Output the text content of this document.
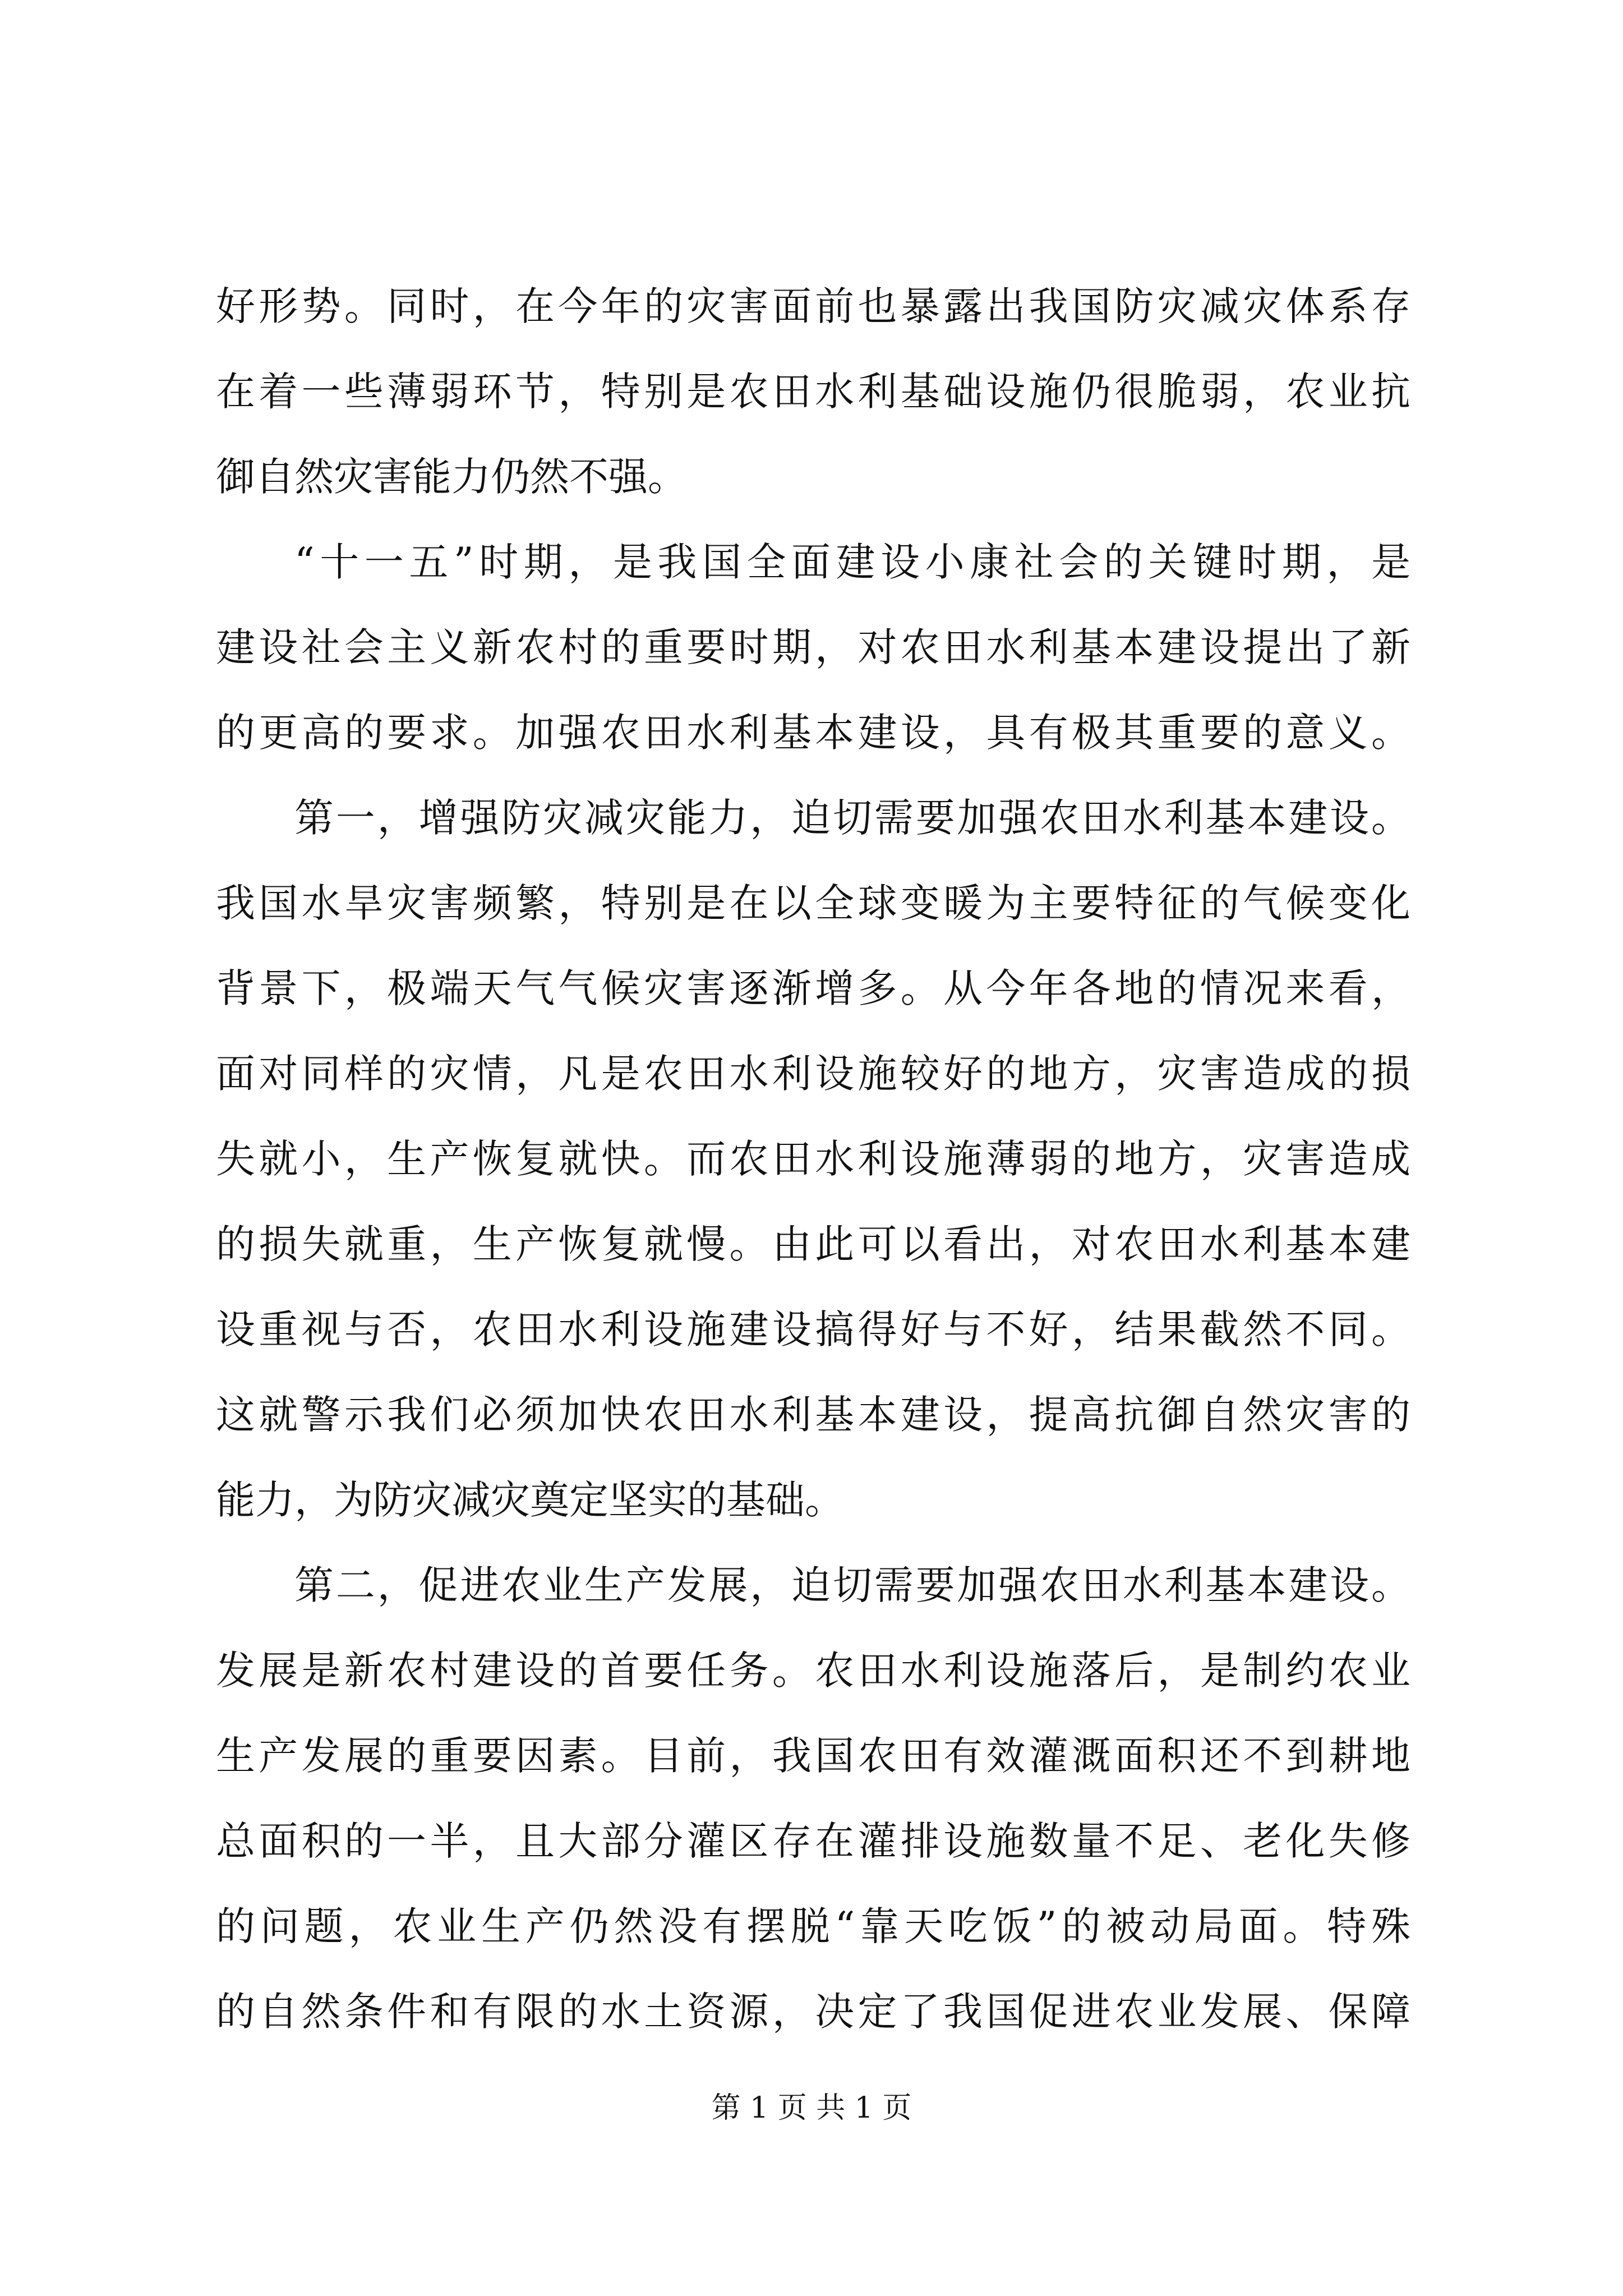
好形势。同时，在今年的灾害面前也暴露出我国防灾减灾体系存
在着一些薄弱环节，特别是农田水利基础设施仍很脆弱，农业抗
御自然灾害能力仍然不强。
“十一五”时期，是我国全面建设小康社会的关键时期，是
建设社会主义新农村的重要时期，对农田水利基本建设提出了新
的更高的要求。加强农田水利基本建设，具有极其重要的意义。
第一，增强防灾减灾能力，迫切需要加强农田水利基本建设。
我国水旱灾害频繁，特别是在以全球变暖为主要特征的气候变化
背景下，极端天气气候灾害逐渐增多。从今年各地的情况来看，
面对同样的灾情，凡是农田水利设施较好的地方，灾害造成的损
失就小，生产恢复就快。而农田水利设施薄弱的地方，灾害造成
的损失就重，生产恢复就慢。由此可以看出，对农田水利基本建
设重视与否，农田水利设施建设搞得好与不好，结果截然不同。
这就警示我们必须加快农田水利基本建设，提高抗御自然灾害的
能力，为防灾减灾奠定坚实的基础。
第二，促进农业生产发展，迫切需要加强农田水利基本建设。
发展是新农村建设的首要任务。农田水利设施落后，是制约农业
生产发展的重要因素。目前，我国农田有效灌溉面积还不到耕地
总面积的一半，且大部分灌区存在灌排设施数量不足、老化失修
的问题，农业生产仍然没有摆脱“靠天吃饭”的被动局面。特殊
的自然条件和有限的水土资源，决定了我国促进农业发展、保障
第 1 页 共 1 页
